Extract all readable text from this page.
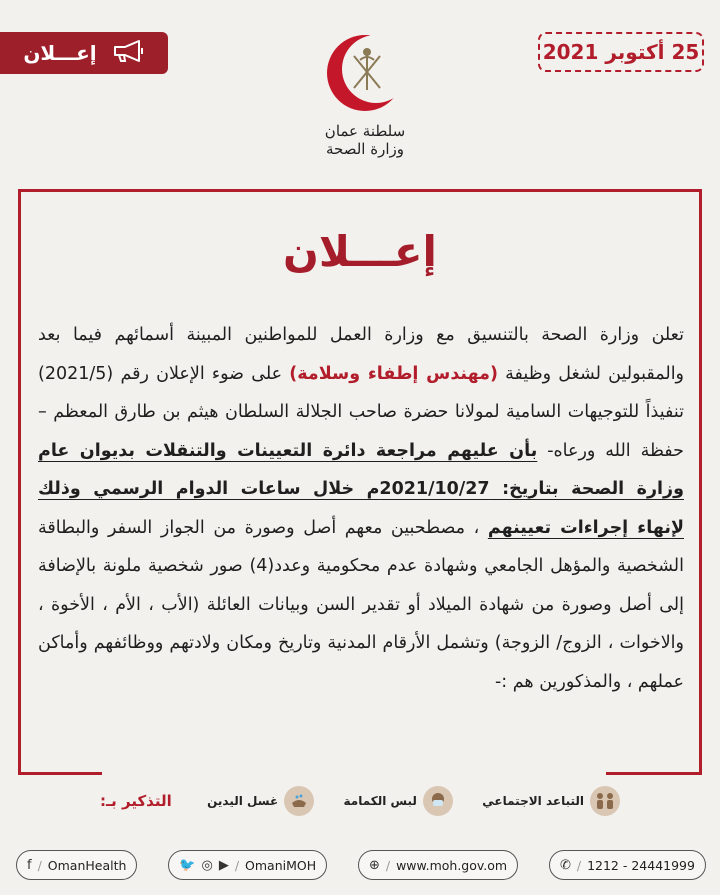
25 أكتوبر 2021
إعـــلان
سلطنة عمان
وزارة الصحة
إعـــلان
تعلن وزارة الصحة بالتنسيق مع وزارة العمل للمواطنين المبينة أسمائهم فيما بعد والمقبولين لشغل وظيفة (مهندس إطفاء وسلامة) على ضوء الإعلان رقم (2021/5) تنفيذاً للتوجيهات السامية لمولانا حضرة صاحب الجلالة السلطان هيثم بن طارق المعظم – حفظة الله ورعاه- بأن عليهم مراجعة دائرة التعيينات والتنقلات بديوان عام وزارة الصحة بتاريخ: 2021/10/27م خلال ساعات الدوام الرسمي وذلك لإنهاء إجراءات تعيينهم ، مصطحبين معهم أصل وصورة من الجواز السفر والبطاقة الشخصية والمؤهل الجامعي وشهادة عدم محكومية وعدد(4) صور شخصية ملونة بالإضافة إلى أصل وصورة من شهادة الميلاد أو تقدير السن وبيانات العائلة (الأب ، الأم ، الأخوة ، والاخوات ، الزوج/ الزوجة) وتشمل الأرقام المدنية وتاريخ ومكان ولادتهم ووظائفهم وأماكن عملهم ، والمذكورين هم :-
التذكير بـ:	غسل اليدين	لبس الكمامة	التباعد الاجتماعي
f / OmanHealth	🐦 ◎ ▶ / OmaniMOH	⊕ / www.moh.gov.om	✆ / 1212 - 24441999
